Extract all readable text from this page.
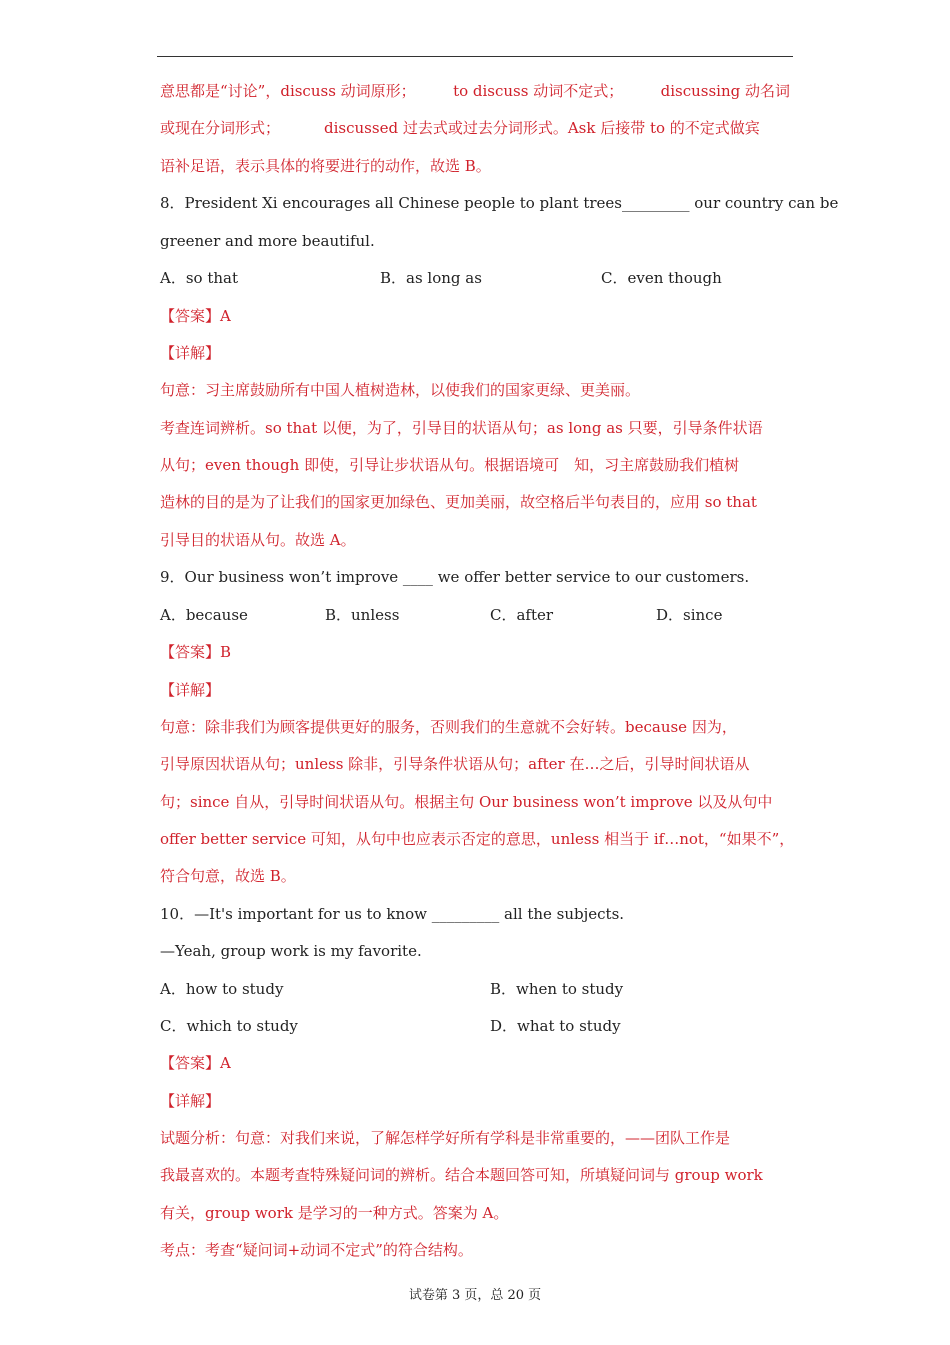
意思都是“讨论”，discuss 动词原形； to discuss 动词不定式； discussing 动名词
或现在分词形式；	discussed 过去式或过去分词形式。Ask 后接带 to 的不定式做宾
语补足语，表示具体的将要进行的动作，故选 B。
8．President Xi encourages all Chinese people to plant trees_________ our country can be
greener and more beautiful.
A．so that	B．as long as	C．even though
【答案】A
【详解】
句意：习主席鼓励所有中国人植树造林，以使我们的国家更绿、更美丽。
考查连词辨析。so that 以便，为了，引导目的状语从句；as long as 只要，引导条件状语
从句；even though 即使，引导让步状语从句。根据语境可　知，习主席鼓励我们植树
造林的目的是为了让我们的国家更加绿色、更加美丽，故空格后半句表目的，应用 so that
引导目的状语从句。故选 A。
9．Our business won’t improve ____ we offer better service to our customers.
A．because	B．unless	C．after	D．since
【答案】B
【详解】
句意：除非我们为顾客提供更好的服务，否则我们的生意就不会好转。because 因为，
引导原因状语从句；unless 除非，引导条件状语从句；after 在…之后，引导时间状语从
句；since 自从，引导时间状语从句。根据主句 Our business won’t improve 以及从句中
offer better service 可知，从句中也应表示否定的意思，unless 相当于 if…not，“如果不”，
符合句意，故选 B。
10．—It's important for us to know _________ all the subjects.
—Yeah, group work is my favorite.
A．how to study	B．when to study
C．which to study	D．what to study
【答案】A
【详解】
试题分析：句意：对我们来说，了解怎样学好所有学科是非常重要的，——团队工作是
我最喜欢的。本题考查特殊疑问词的辨析。结合本题回答可知，所填疑问词与 group work
有关，group work 是学习的一种方式。答案为 A。
考点：考查“疑问词+动词不定式”的符合结构。
试卷第 3 页，总 20 页
